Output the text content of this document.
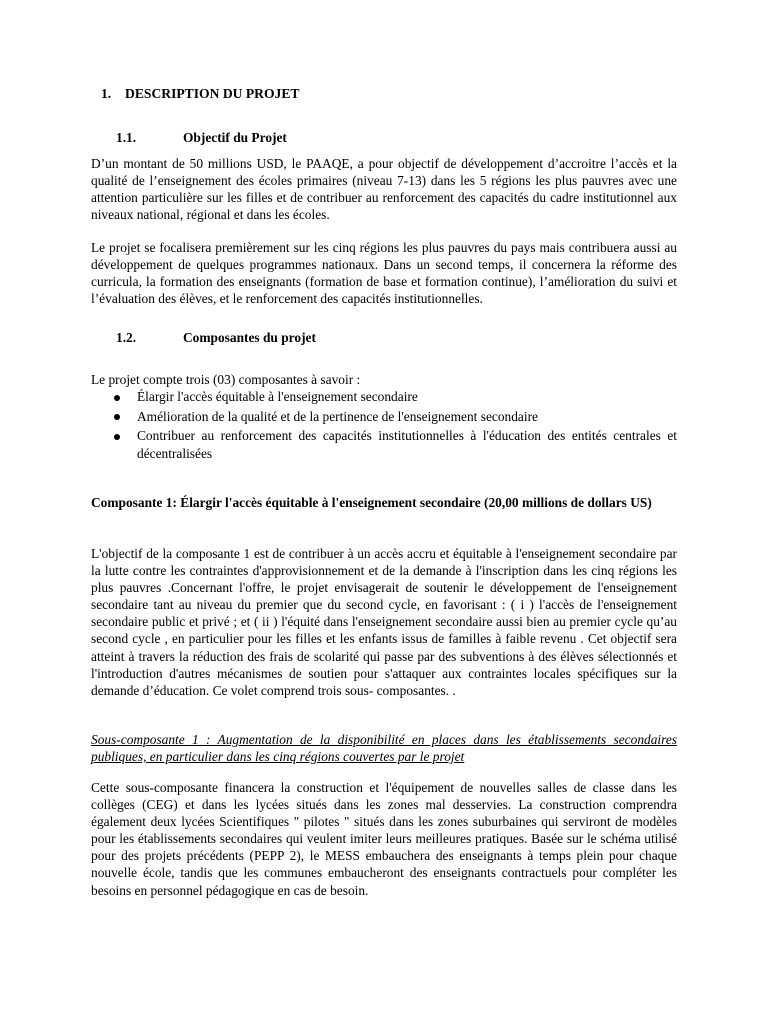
1. DESCRIPTION DU PROJET
1.1.	Objectif du Projet

D’un montant de 50 millions USD, le PAAQE, a pour objectif de développement d’accroitre l’accès et la qualité de l’enseignement des écoles primaires (niveau 7-13) dans les 5 régions les plus pauvres avec une attention particulière sur les filles et de contribuer au renforcement des capacités du cadre institutionnel aux niveaux national, régional et dans les écoles.

Le projet se focalisera premièrement sur les cinq régions les plus pauvres du pays mais contribuera aussi au développement de quelques programmes nationaux. Dans un second temps, il concernera la réforme des curricula, la formation des enseignants (formation de base et formation continue), l’amélioration du suivi et l’évaluation des élèves, et le renforcement des capacités institutionnelles.

1.2.	Composantes du projet
Le projet compte trois (03) composantes à savoir :
Élargir l'accès équitable à l'enseignement secondaire
Amélioration de la qualité et de la pertinence de l'enseignement secondaire
Contribuer au renforcement des capacités institutionnelles à l'éducation des entités centrales et décentralisées

Composante 1: Élargir l'accès équitable à l'enseignement secondaire (20,00 millions de dollars US)

L'objectif de la composante 1 est de contribuer à un accès accru et équitable à l'enseignement secondaire par la lutte contre les contraintes d'approvisionnement et de la demande à l'inscription dans les cinq régions les plus pauvres .Concernant l'offre, le projet envisagerait de soutenir le développement de l'enseignement secondaire tant au niveau du premier que du second cycle, en favorisant : ( i ) l'accès de l'enseignement secondaire public et privé ; et ( ii ) l'équité dans l'enseignement secondaire aussi bien au premier cycle qu’au second cycle , en particulier pour les filles et les enfants issus de familles à faible revenu . Cet objectif sera atteint à travers la réduction des frais de scolarité qui passe par des subventions à des élèves sélectionnés et l'introduction d'autres mécanismes de soutien pour s'attaquer aux contraintes locales spécifiques sur la demande d’éducation. Ce volet comprend trois sous- composantes. .

Sous-composante 1 : Augmentation de la disponibilité en places dans les établissements secondaires publiques, en particulier dans les cinq régions couvertes par le projet

Cette sous-composante financera la construction et l'équipement de nouvelles salles de classe dans les collèges (CEG) et dans les lycées situés dans les zones mal desservies. La construction comprendra également deux lycées Scientifiques " pilotes " situés dans les zones suburbaines qui serviront de modèles pour les établissements secondaires qui veulent imiter leurs meilleures pratiques. Basée sur le schéma utilisé pour des projets précédents (PEPP 2), le MESS embauchera des enseignants à temps plein pour chaque nouvelle école, tandis que les communes embaucheront des enseignants contractuels pour compléter les besoins en personnel pédagogique en cas de besoin.
